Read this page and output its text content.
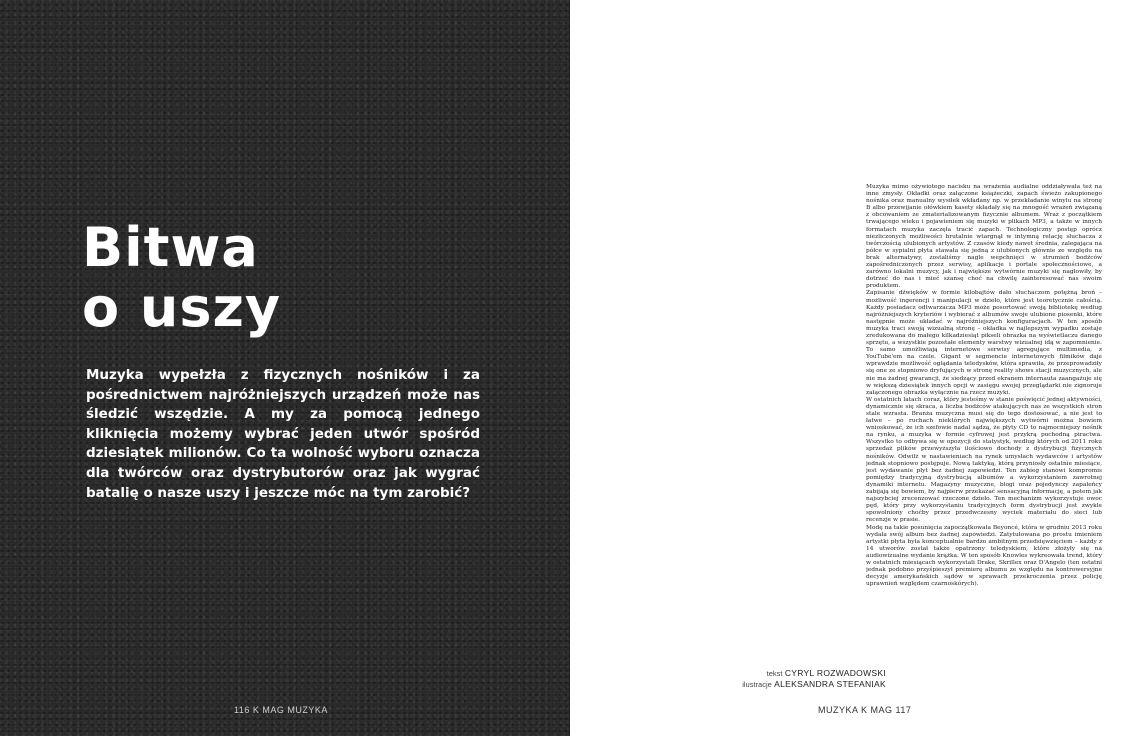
Bitwa
o uszy

Muzyka wypełzła z fizycznych nośników i za pośrednictwem najróżniejszych urządzeń może nas śledzić wszędzie. A my za pomocą jednego kliknięcia możemy wybrać jeden utwór spośród dziesiątek milionów. Co ta wolność wyboru oznacza dla twórców oraz dystrybutorów oraz jak wygrać batalię o nasze uszy i jeszcze móc na tym zarobić?

116 K MAG MUZYKA
tekst CYRYL ROZWADOWSKI
ilustracje ALEKSANDRA STEFANIAK

Muzyka mimo ożywiotego nacisku na wrażenia audialne oddziaływała też na inne zmysły. Okładki oraz załączone książeczki, zapach świeżo zakupionego nośnika oraz manualny wysiłek wkładany np. w przekładanie winylu na stronę B albo przewijanie ołówkiem kasety składały się na mnogość wrażeń związaną z obcowaniem ze zmaterializowanym fizycznie albumem. Wraz z początkiem trwającego wieku i pojawieniem się muzyki w plikach MP3, a także w innych formatach muzyka zaczęła tracić zapach. Technologiczny postęp oprócz niezliczonych możliwości brutalnie wtargnął w intymną relację słuchacza z twórczością ulubionych artystów. Z czasów kiedy nawet średnia, zalegająca na półce w sypialni płyta stawała się jedną z ulubionych głównie ze względu na brak alternatywy, zostaliśmy nagle wepchnięci w strumień bodźców zapośredniczonych przez serwisy, aplikacje i portale społecznościowe, a zarówno lokalni muzycy, jak i największe wytwórnie muzyki się nagłowiły, by dotrzeć do nas i mieć szansę choć na chwilę zainteresować nas swoim produktem.

Zapisanie dźwięków w formie kilobajtów dało słuchaczom potężną broń – możliwość ingerencji i manipulacji w dzieło, które jest teoretycznie całością. Każdy posiadacz odtwarzacza MP3 może posortować swoją bibliotekę według najróżniejszych kryteriów i wybierać z albumów swoje ulubione piosenki, które następnie może układać w najróżniejszych konfiguracjach. W ten sposób muzyka traci swoją wizualną stronę – okładka w najlepszym wypadku zostaje zredukowana do małego kilkadziesiąt pikseli obrazka na wyświetlaczu danego sprzętu, a wszystkie pozostałe elementy warstwy wizualnej idą w zapomnienie. To samo umożliwiają internetowe serwisy agregujące multimedia, z YouTube'em na czele. Gigant w segmencie internetowych filmików daje wprawdzie możliwość oglądania teledysków, która sprawiła, że przeprowadziły się one ze stopniowo dryfujących w stronę reality shows stacji muzycznych, ale nie ma żadnej gwarancji, że siedzący przed ekranem internauta zaangażuje się w większą dziesiątek innych opcji w zasięgu swojej przeglądarki nie zignoruje załączonego obrazka wyłącznie na rzecz muzyki.

W ostatnich latach coraz, który jesteśmy w stanie poświęcić jednej aktywności, dynamicznie się skraca, a liczba bodźców atakujących nas ze wszystkich stron stale wzrasta. Branża muzyczna musi się do tego dostosować, a nie jest to łatwe – po ruchach niektórych największych wytwórni można bowiem wnioskować, że ich szefowie nadal sądzą, że płyty CD to najmocniejszy nośnik na rynku, a muzyka w formie cyfrowej jest przykrą pochodną piractwa. Wszystko to odbywa się w opozycji do statystyk, według których od 2011 roku sprzedaż plików przewyższyła ilościowo dochody z dystrybucji fizycznych nośników. Odwilż w nastawieniach na rynek umysłach wydawców i artystów jednak stopniowo postępuje. Nową taktyką, którą przyniosły ostatnie miesiące, jest wydawanie płyt bez żadnej zapowiedzi. Ten zabieg stanowi kompromis pomiędzy tradycyjną dystrybucją albumów a wykorzystaniem zawrotnej dynamiki internetu. Magazyny muzyczne, blogi oraz pojedynczy zapaleńcy zabijają się bowiem, by najpierw przekazać sensacyjną informację, a potem jak najszybciej zrecenzować rzeczone dzieło. Ten mechanizm wykorzystuje owoc pęd, który przy wykorzystaniu tradycyjnych form dystrybucji jest zwykle spowolniony choćby przez przedwczesny wyciek materiału do sieci lub recenzje w prasie.

Modę na takie posunięcia zapoczątkowała Beyoncé, która w grudniu 2013 roku wydała swój album bez żadnej zapowiedzi. Zatytułowana po prostu imieniem artystki płyta była konceptualnie bardzo ambitnym przedsięwzięciem – każdy z 14 utworów został także opatrzony teledyskiem, które złożyły się na audiowizualne wydanie krążka. W ten sposób Knowles wykreowała trend, który w ostatnich miesiącach wykorzystali Drake, Skrillex oraz D'Angelo (ten ostatni jednak podobno przyśpieszył premierę albumu ze względu na kontrowersyjne decyzje amerykańskich sądów w sprawach przekroczenia przez policję uprawnień względem czarnoskórych).

MUZYKA K MAG 117
